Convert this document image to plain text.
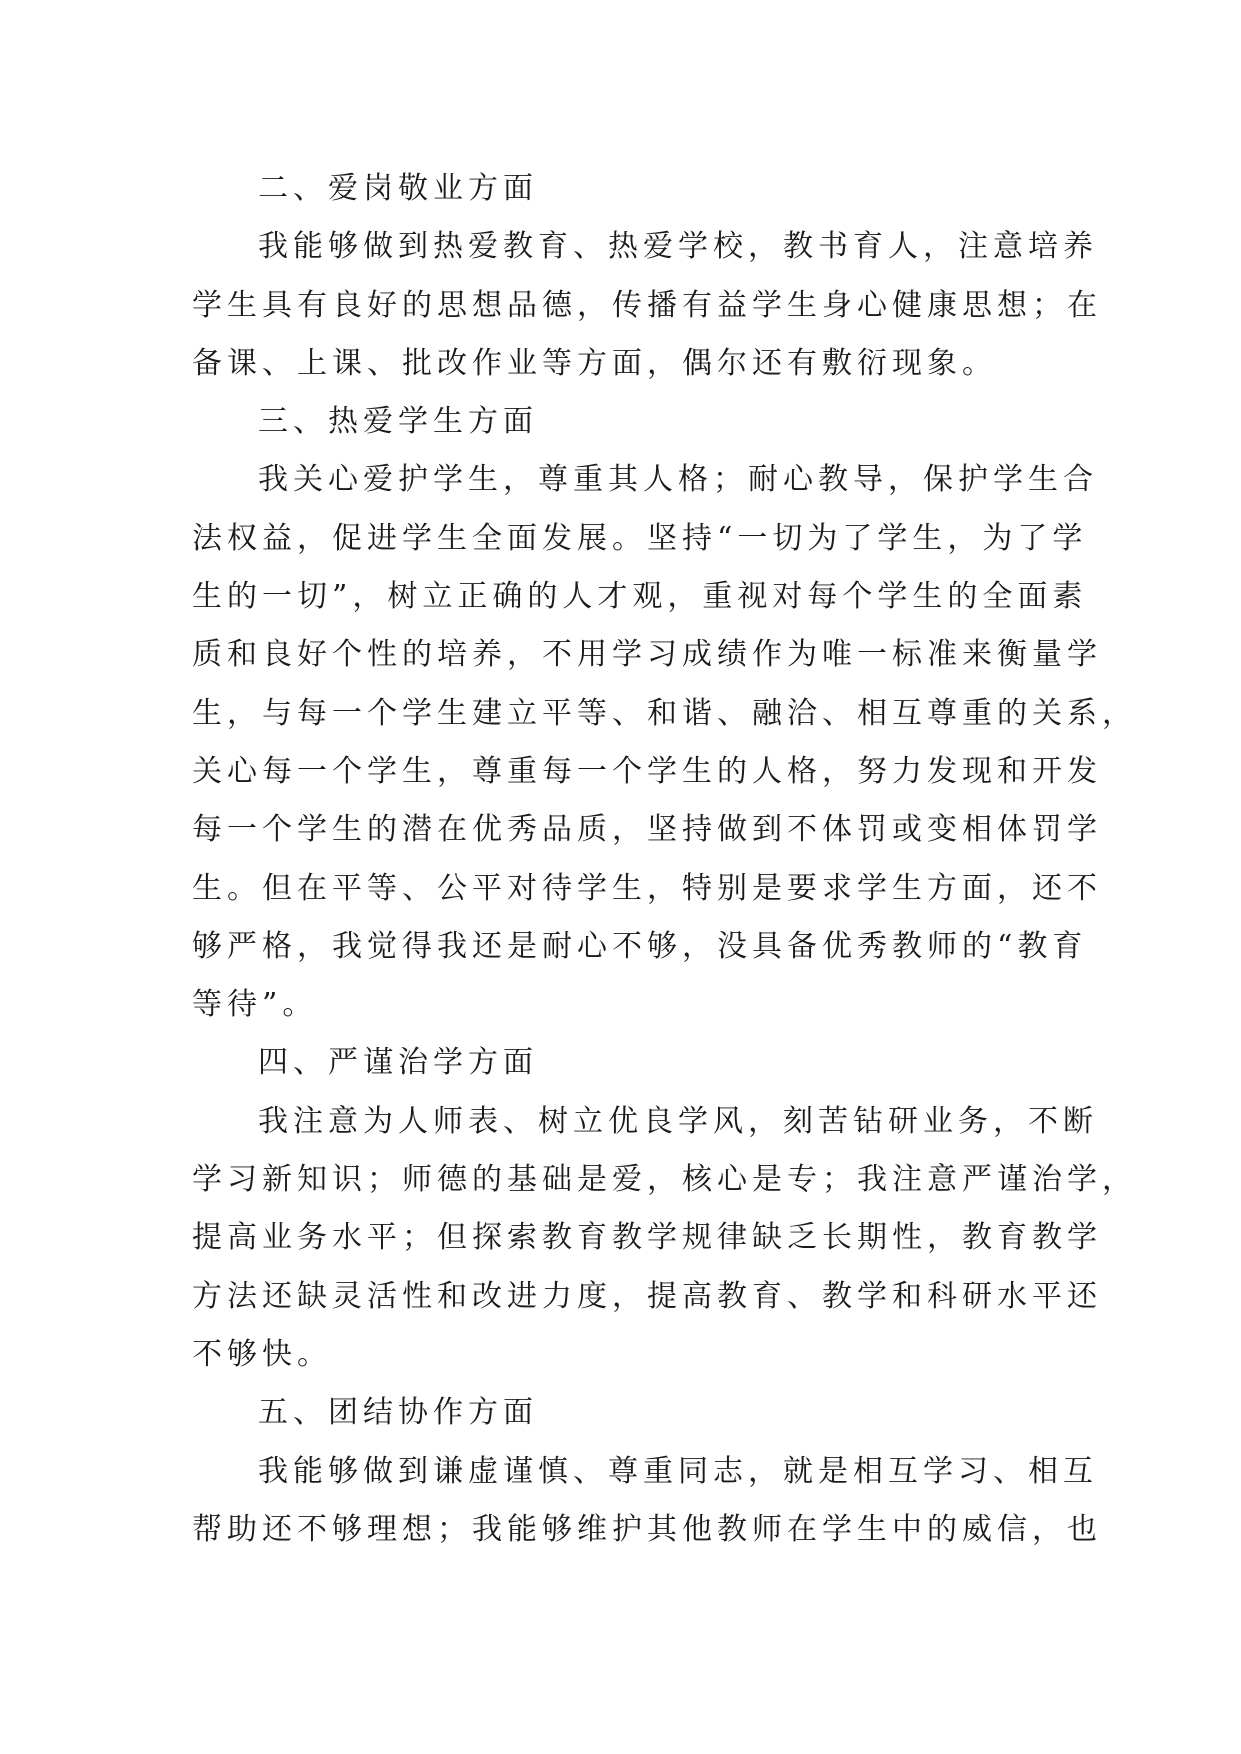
二、爱岗敬业方面
我能够做到热爱教育、热爱学校，教书育人，注意培养
学生具有良好的思想品德，传播有益学生身心健康思想；在
备课、上课、批改作业等方面，偶尔还有敷衍现象。
三、热爱学生方面
我关心爱护学生，尊重其人格；耐心教导，保护学生合
法权益，促进学生全面发展。坚持“一切为了学生，为了学
生的一切”，树立正确的人才观，重视对每个学生的全面素
质和良好个性的培养，不用学习成绩作为唯一标准来衡量学
生，与每一个学生建立平等、和谐、融洽、相互尊重的关系，
关心每一个学生，尊重每一个学生的人格，努力发现和开发
每一个学生的潜在优秀品质，坚持做到不体罚或变相体罚学
生。但在平等、公平对待学生，特别是要求学生方面，还不
够严格，我觉得我还是耐心不够，没具备优秀教师的“教育
等待”。
四、严谨治学方面
我注意为人师表、树立优良学风，刻苦钻研业务，不断
学习新知识；师德的基础是爱，核心是专；我注意严谨治学，
提高业务水平；但探索教育教学规律缺乏长期性，教育教学
方法还缺灵活性和改进力度，提高教育、教学和科研水平还
不够快。
五、团结协作方面
我能够做到谦虚谨慎、尊重同志，就是相互学习、相互
帮助还不够理想；我能够维护其他教师在学生中的威信，也
